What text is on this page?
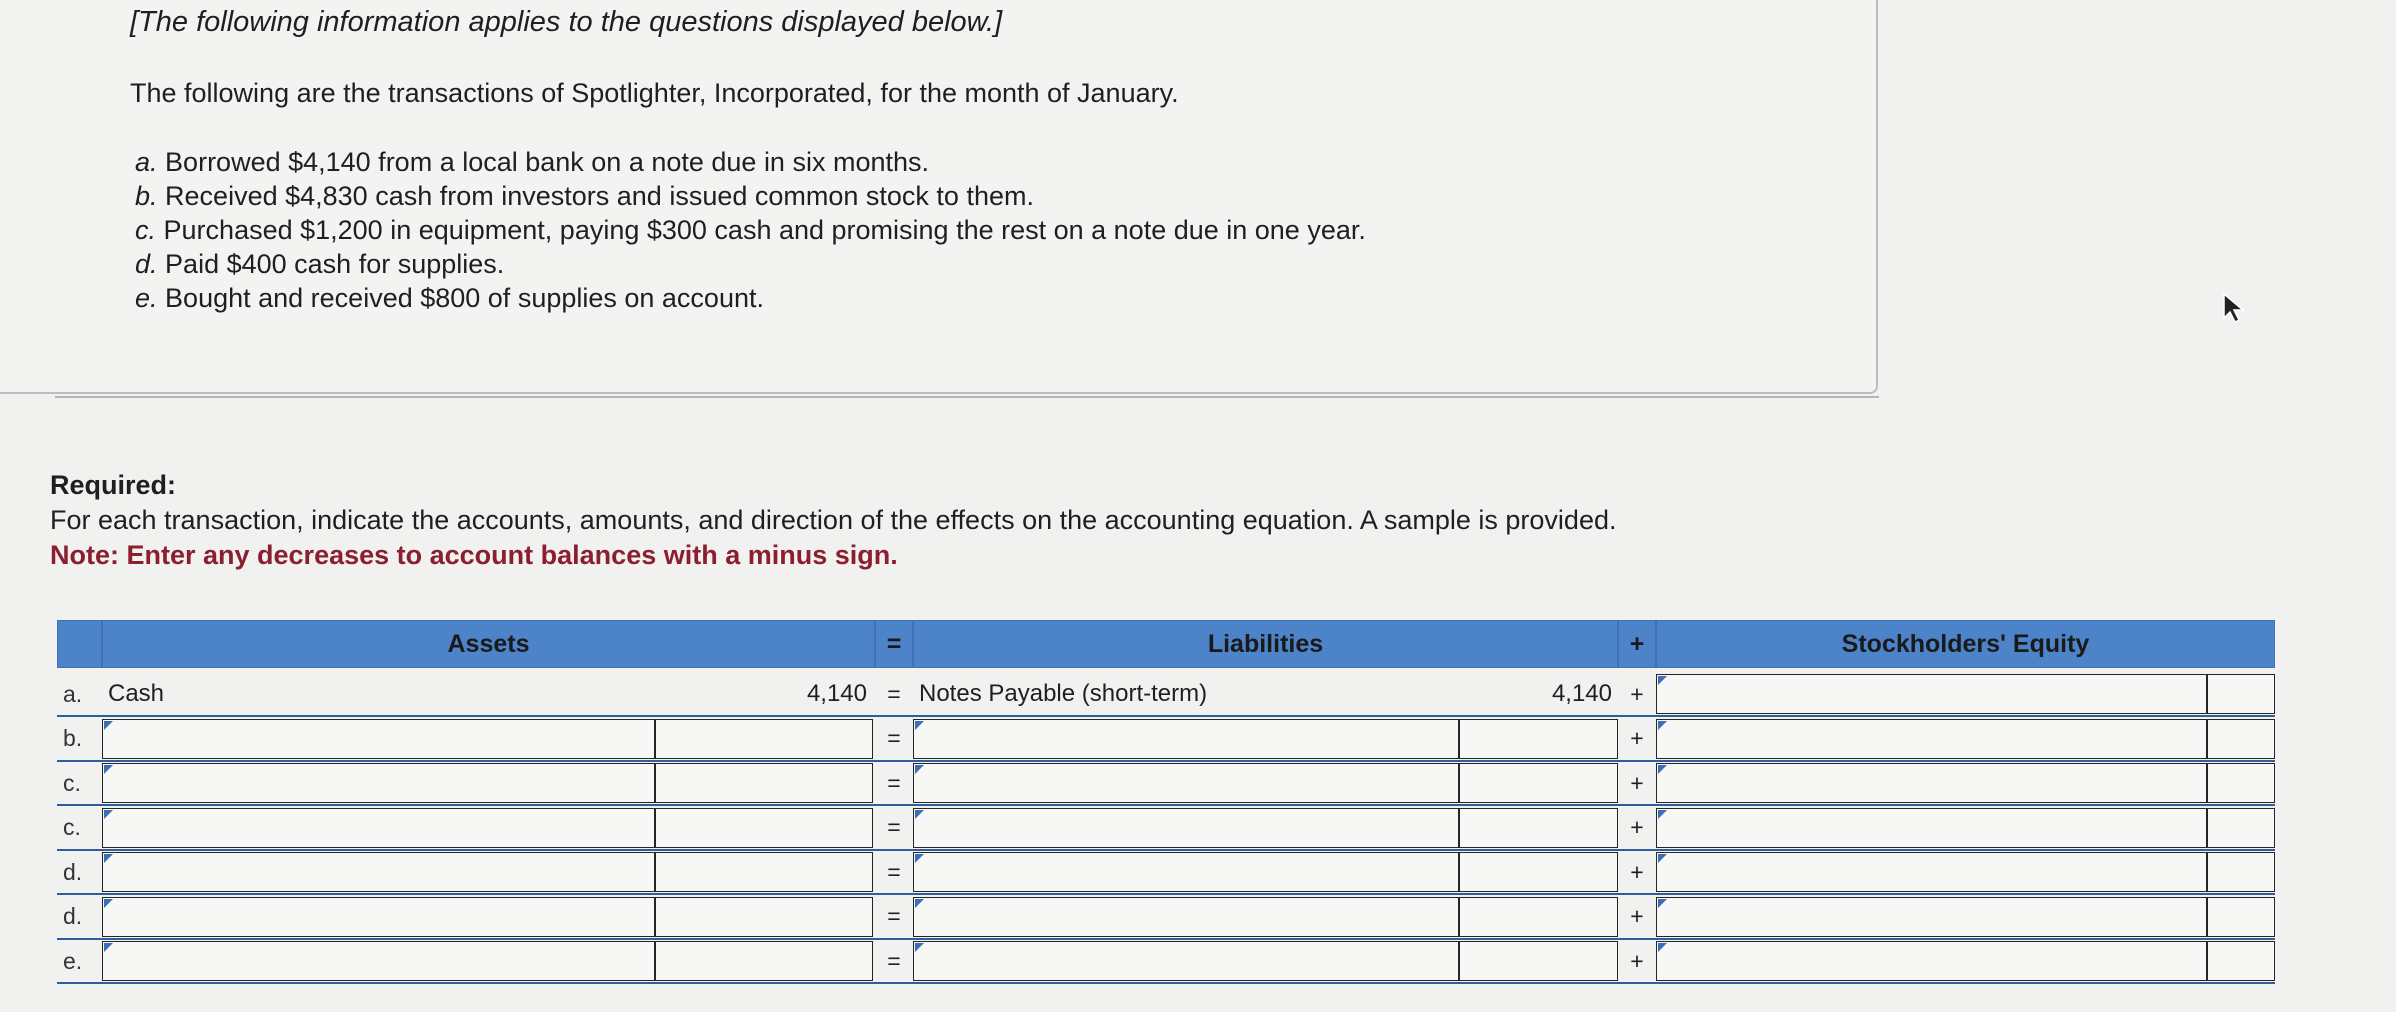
[The following information applies to the questions displayed below.]
The following are the transactions of Spotlighter, Incorporated, for the month of January.
a. Borrowed $4,140 from a local bank on a note due in six months.
b. Received $4,830 cash from investors and issued common stock to them.
c. Purchased $1,200 in equipment, paying $300 cash and promising the rest on a note due in one year.
d. Paid $400 cash for supplies.
e. Bought and received $800 of supplies on account.
Required:
For each transaction, indicate the accounts, amounts, and direction of the effects on the accounting equation. A sample is provided.
Note: Enter any decreases to account balances with a minus sign.
Assets	=	Liabilities	+	Stockholders' Equity
a.	Cash	4,140 = Notes Payable (short-term)	4,140 +
b.	=	+
c.	=	+
c.	=	+
d.	=	+
d.	=	+
e.	=	+
